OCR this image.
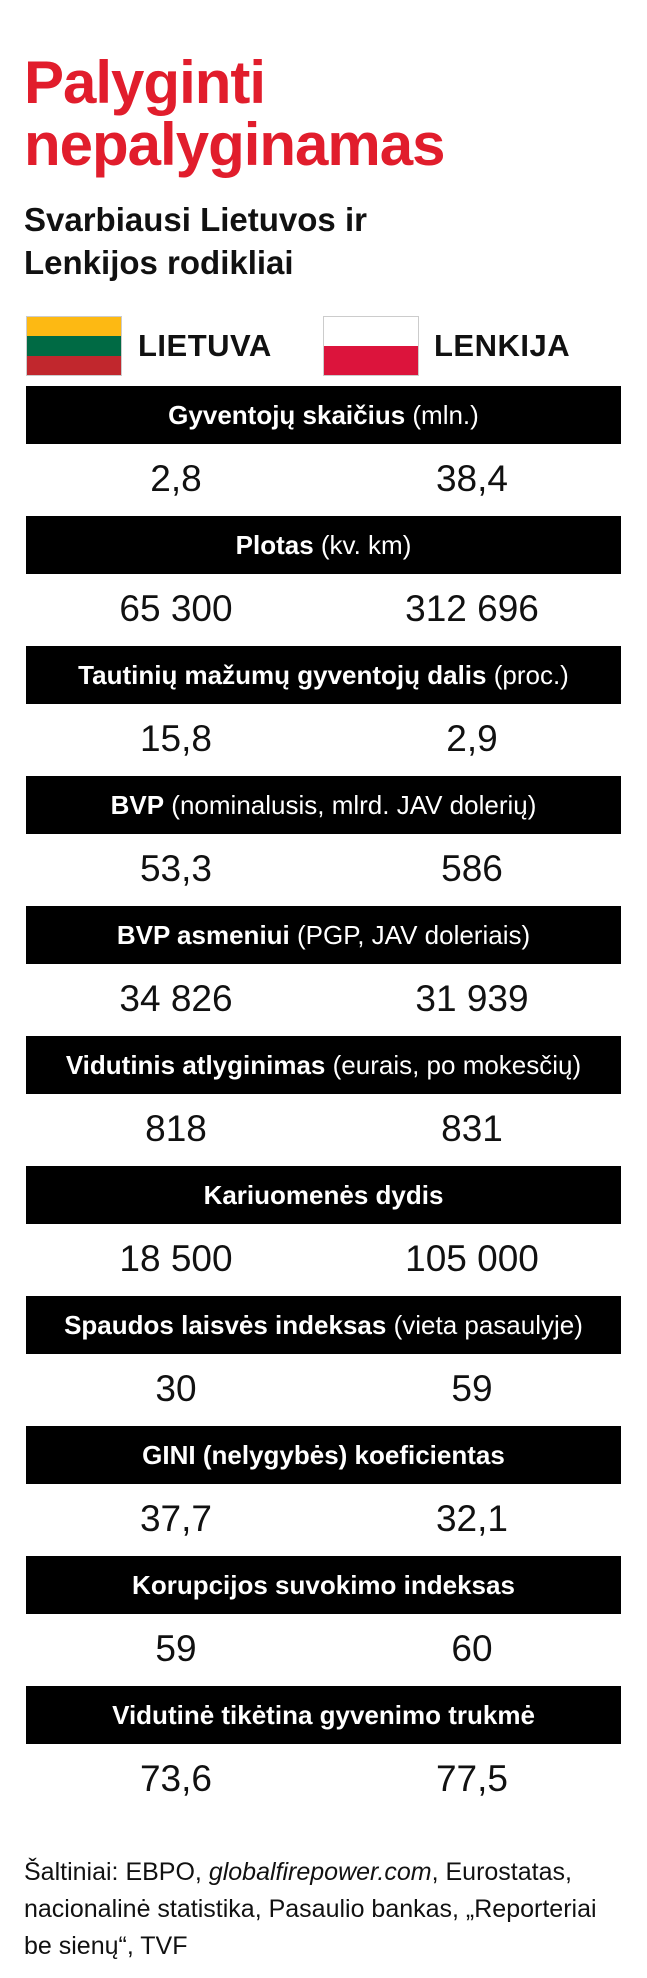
Palyginti
nepalyginamas
Svarbiausi Lietuvos ir
Lenkijos rodikliai
LIETUVA	LENKIJA
Gyventojų skaičius (mln.)
2,8	38,4
Plotas (kv. km)
65 300	312 696
Tautinių mažumų gyventojų dalis (proc.)
15,8	2,9
BVP (nominalusis, mlrd. JAV dolerių)
53,3	586
BVP asmeniui (PGP, JAV doleriais)
34 826	31 939
Vidutinis atlyginimas (eurais, po mokesčių)
818	831
Kariuomenės dydis
18 500	105 000
Spaudos laisvės indeksas (vieta pasaulyje)
30	59
GINI (nelygybės) koeficientas
37,7	32,1
Korupcijos suvokimo indeksas
59	60
Vidutinė tikėtina gyvenimo trukmė
73,6	77,5
Šaltiniai: EBPO, globalfirepower.com, Eurostatas, nacionalinė statistika, Pasaulio bankas, „Reporteriai be sienų“, TVF
